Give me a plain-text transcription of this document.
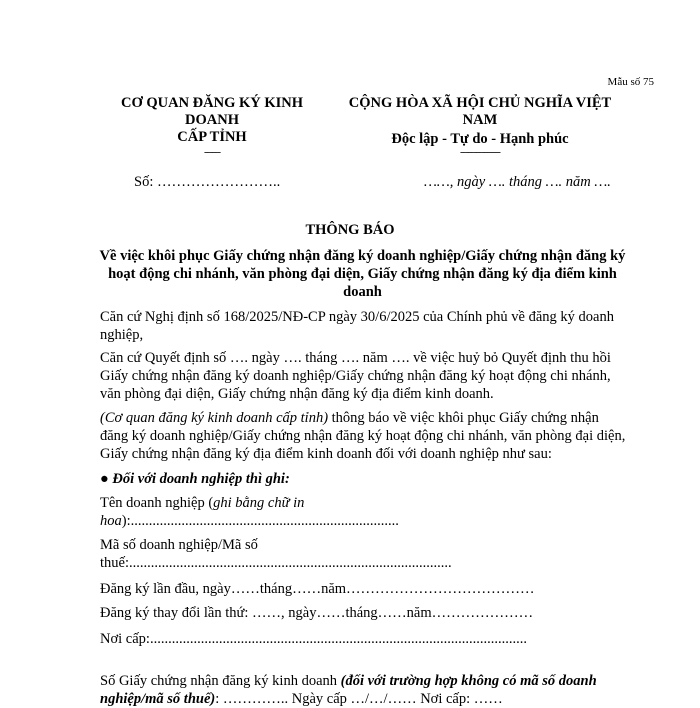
Mẫu số 75
CƠ QUAN ĐĂNG KÝ KINH DOANH
CẤP TỈNH
------
CỘNG HÒA XÃ HỘI CHỦ NGHĨA VIỆT NAM
Độc lập - Tự do - Hạnh phúc
---------------
Số: ……………………..	……, ngày …. tháng …. năm ….
THÔNG BÁO
Về việc khôi phục Giấy chứng nhận đăng ký doanh nghiệp/Giấy chứng nhận đăng ký hoạt động chi nhánh, văn phòng đại diện, Giấy chứng nhận đăng ký địa điểm kinh doanh
Căn cứ Nghị định số 168/2025/NĐ-CP ngày 30/6/2025 của Chính phủ về đăng ký doanh nghiệp,
Căn cứ Quyết định số …. ngày …. tháng …. năm …. về việc huỷ bỏ Quyết định thu hồi Giấy chứng nhận đăng ký doanh nghiệp/Giấy chứng nhận đăng ký hoạt động chi nhánh, văn phòng đại diện, Giấy chứng nhận đăng ký địa điểm kinh doanh.
(Cơ quan đăng ký kinh doanh cấp tỉnh) thông báo về việc khôi phục Giấy chứng nhận đăng ký doanh nghiệp/Giấy chứng nhận đăng ký hoạt động chi nhánh, văn phòng đại diện, Giấy chứng nhận đăng ký địa điểm kinh doanh đối với doanh nghiệp như sau:
● Đối với doanh nghiệp thì ghi:
Tên doanh nghiệp (ghi bằng chữ in hoa):..........................................................................
Mã số doanh nghiệp/Mã số thuế:.........................................................................................
Đăng ký lần đầu, ngày……tháng……năm…………………………………
Đăng ký thay đổi lần thứ: ……, ngày……tháng……năm…………………
Nơi cấp:........................................................................................................
Số Giấy chứng nhận đăng ký kinh doanh (đối với trường hợp không có mã số doanh nghiệp/mã số thuế): ………….. Ngày cấp …/…/…… Nơi cấp: ……
